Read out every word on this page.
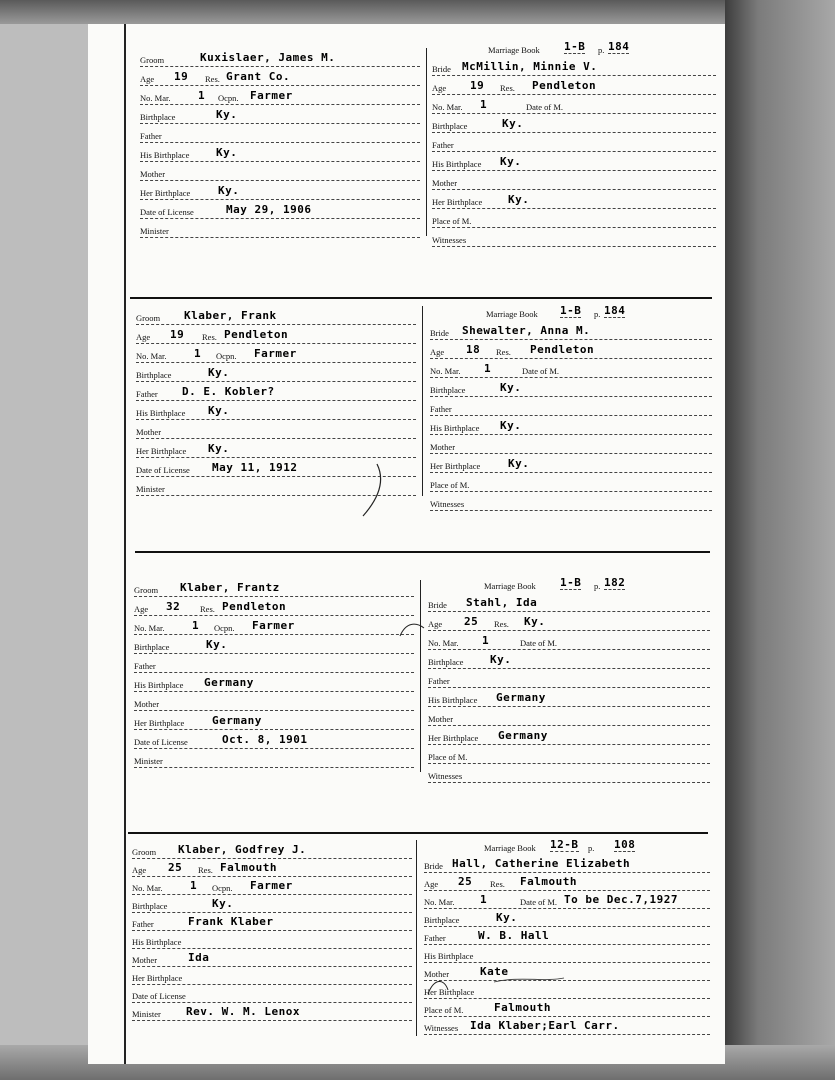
Groom	Kuxislaer, James M.
Age 19 Res. Grant Co.
No. Mar.	1 Ocpn. Farmer
Birthplace	Ky.
Father
His Birthplace Ky.
Mother
Her Birthplace	Ky.
Date of License	May 29, 1906
Minister
Marriage Book 1-B p. 184
Bride McMillin, Minnie V.
Age 19 Res. Pendleton
No. Mar. 1	Date of M.
Birthplace	Ky.
Father
His Birthplace Ky.
Mother
Her Birthplace Ky.
Place of M.
Witnesses
Groom Klaber, Frank
Age 19 Res. Pendleton
No. Mar.	1 Ocpn. Farmer
Birthplace	Ky.
Father D. E. Kobler?
His Birthplace Ky.
Mother
Her Birthplace Ky.
Date of License May 11, 1912
Minister
Marriage Book 1-B p. 184
Bride Shewalter, Anna M.
Age 18 Res. Pendleton
No. Mar. 1	Date of M.
Birthplace	Ky.
Father
His Birthplace Ky.
Mother
Her Birthplace	Ky.
Place of M.
Witnesses
Groom Klaber, Frantz
Age 32 Res. Pendleton
No. Mar.	1 Ocpn. Farmer
Birthplace	Ky.
Father
His Birthplace Germany
Mother
Her Birthplace	Germany
Date of License	Oct. 8, 1901
Minister
Marriage Book 1-B p. 182
Bride Stahl, Ida
Age 25 Res. Ky.
No. Mar. 1	Date of M.
Birthplace Ky.
Father
His Birthplace Germany
Mother
Her Birthplace Germany
Place of M.
Witnesses
Groom Klaber, Godfrey J.
Age 25 Res. Falmouth
No. Mar.	1 Ocpn. Farmer
Birthplace	Ky.
Father	Frank Klaber
His Birthplace
Mother	Ida
Her Birthplace
Date of License
Minister Rev. W. M. Lenox
Marriage Book 12-B p. 108
Bride Hall, Catherine Elizabeth
Age 25 Res. Falmouth
No. Mar. 1	Date of M. To be Dec.7,1927
Birthplace	Ky.
Father	W. B. Hall
His Birthplace
Mother	Kate
Her Birthplace
Place of M.	Falmouth
Witnesses Ida Klaber;Earl Carr.
